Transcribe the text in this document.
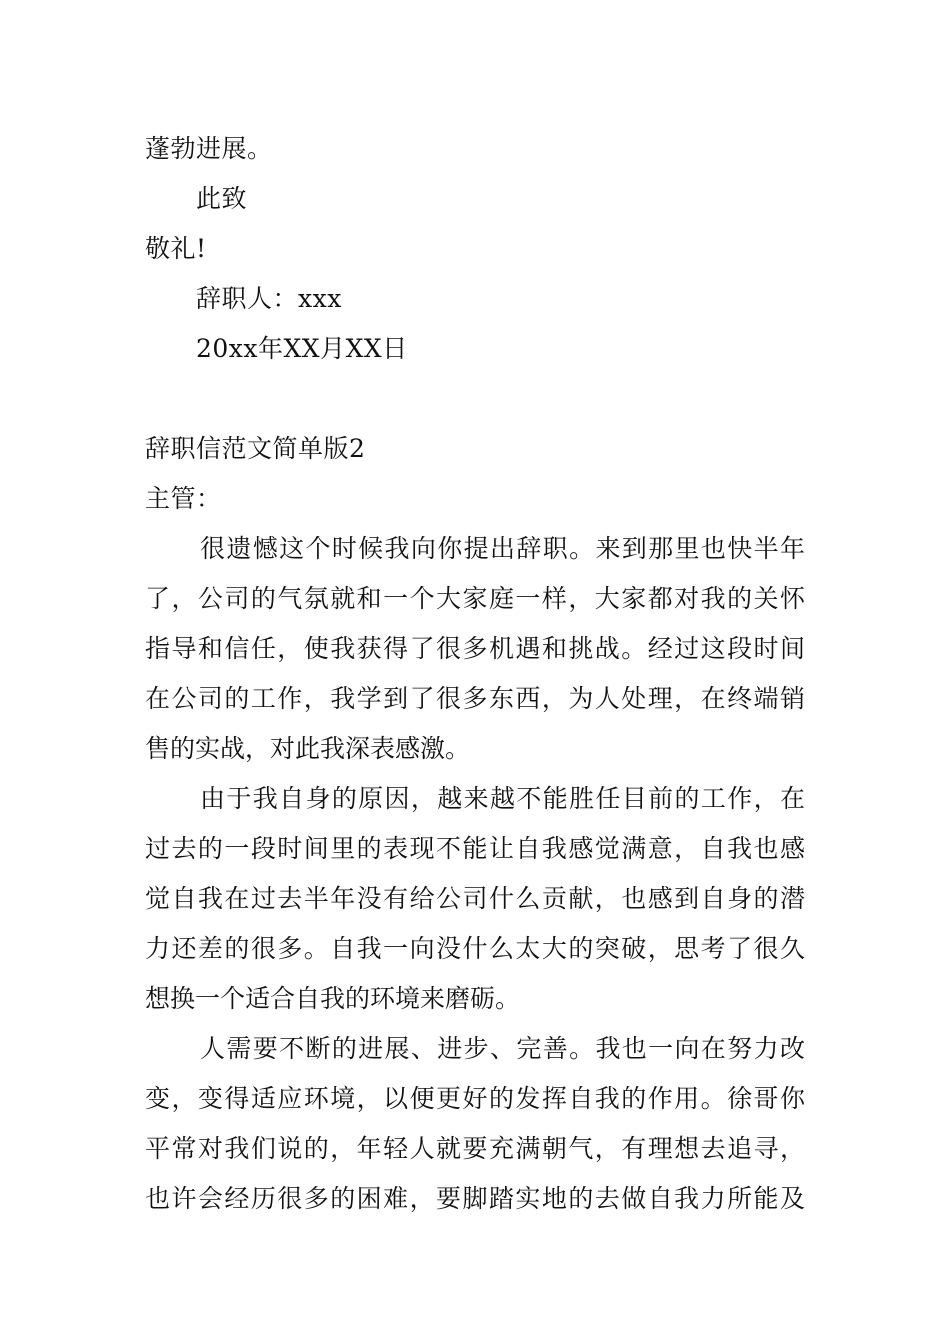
蓬勃进展。
此致
敬礼!
辞职人：xxx
20xx年XX月XX日
辞职信范文简单版2
主管：
很遗憾这个时候我向你提出辞职。来到那里也快半年
了，公司的气氛就和一个大家庭一样，大家都对我的关怀
指导和信任，使我获得了很多机遇和挑战。经过这段时间
在公司的工作，我学到了很多东西，为人处理，在终端销
售的实战，对此我深表感激。
由于我自身的原因，越来越不能胜任目前的工作，在
过去的一段时间里的表现不能让自我感觉满意，自我也感
觉自我在过去半年没有给公司什么贡献，也感到自身的潜
力还差的很多。自我一向没什么太大的突破，思考了很久
想换一个适合自我的环境来磨砺。
人需要不断的进展、进步、完善。我也一向在努力改
变，变得适应环境，以便更好的发挥自我的作用。徐哥你
平常对我们说的，年轻人就要充满朝气，有理想去追寻，
也许会经历很多的困难，要脚踏实地的去做自我力所能及
